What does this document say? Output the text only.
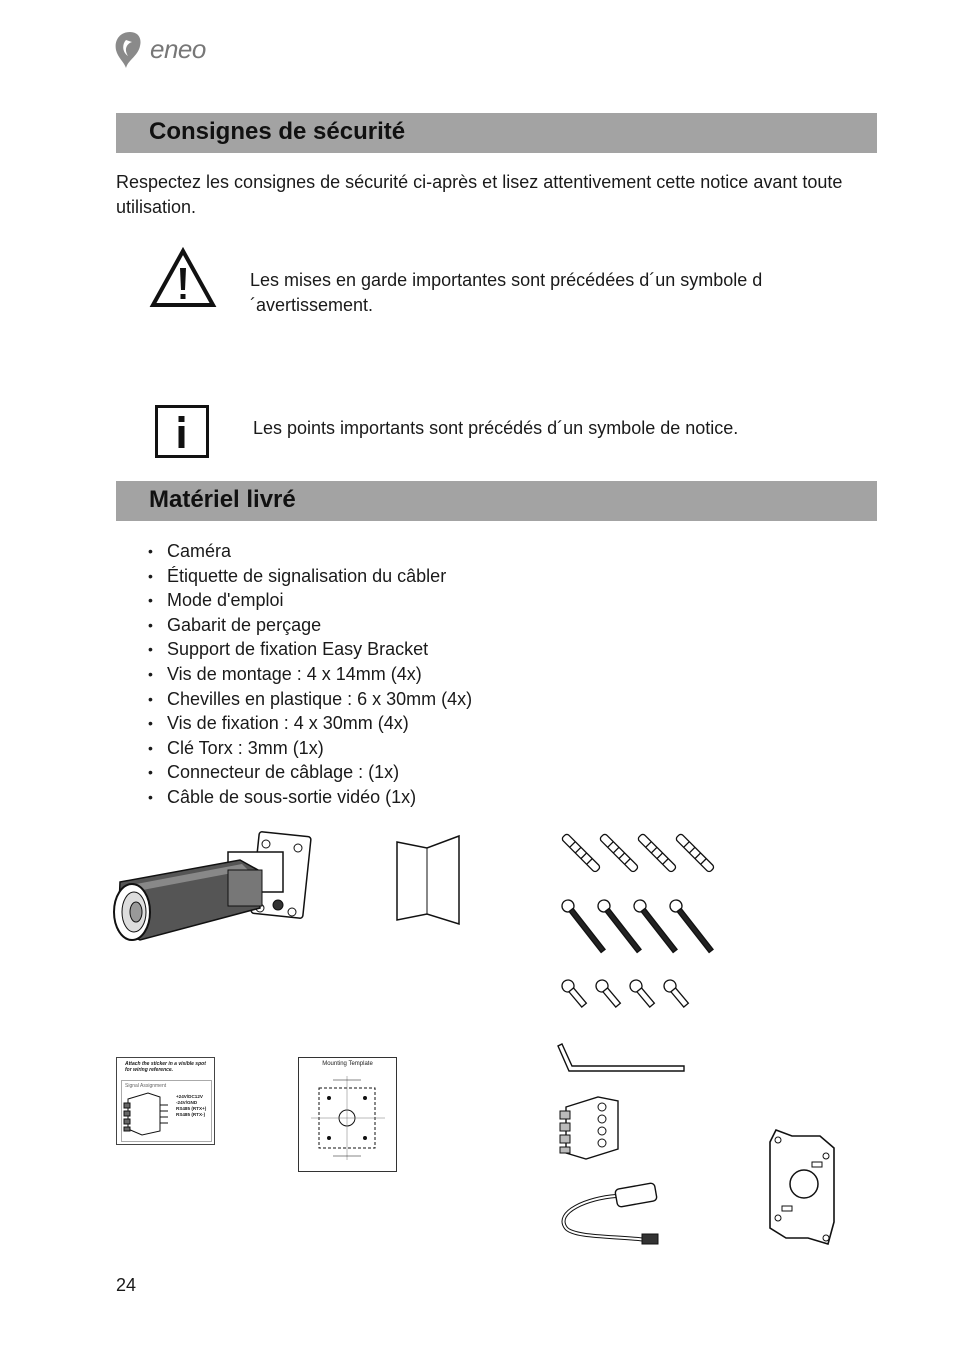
eneo
Consignes de sécurité
Respectez les consignes de sécurité ci-après et lisez attentivement cette notice avant toute utilisation.
Les mises en garde importantes sont précédées d´un symbole d´avertissement.
Les points importants sont précédés d´un symbole de notice.
Matériel livré
• Caméra
• Étiquette de signalisation du câbler
• Mode d'emploi
• Gabarit de perçage
• Support de fixation Easy Bracket
• Vis de montage : 4 x 14mm (4x)
• Chevilles en plastique : 6 x 30mm (4x)
• Vis de fixation : 4 x 30mm (4x)
• Clé Torx : 3mm (1x)
• Connecteur de câblage : (1x)
• Câble de sous-sortie vidéo (1x)
Attach the sticker in a visible spot for wiring reference.
Signal Assignment
+24V/DC12V
-24V/GND
RS485 (RTX+)
RS485 (RTX-)
Mounting Template
24
